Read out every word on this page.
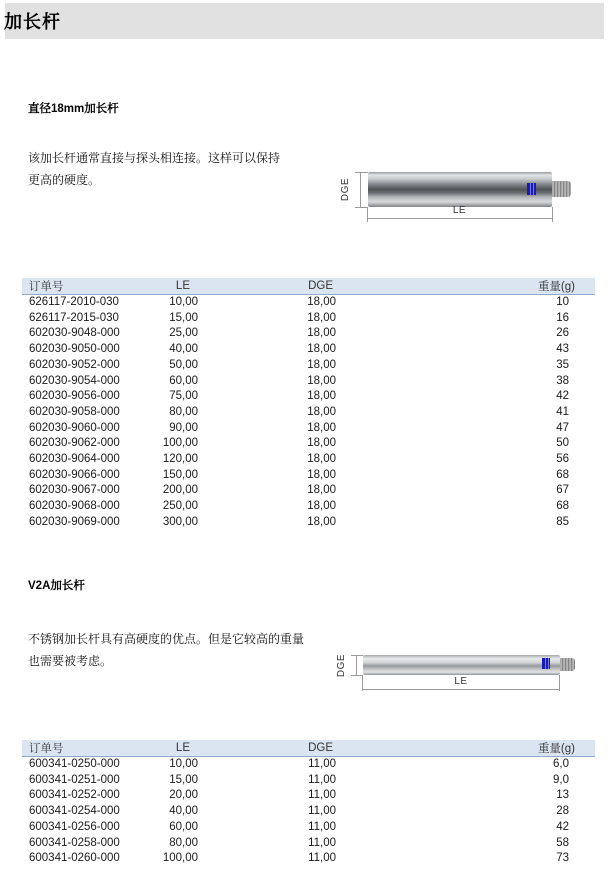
加长杆
直径18mm加长杆
该加长杆通常直接与探头相连接。这样可以保持
更高的硬度。	DGE
LE
订单号	LE	DGE	重量(g)
626117-2010-030	10,00	18,00	10
626117-2015-030	15,00	18,00	16
602030-9048-000	25,00	18,00	26
602030-9050-000	40,00	18,00	43
602030-9052-000	50,00	18,00	35
602030-9054-000	60,00	18,00	38
602030-9056-000	75,00	18,00	42
602030-9058-000	80,00	18,00	41
602030-9060-000	90,00	18,00	47
602030-9062-000	100,00	18,00	50
602030-9064-000	120,00	18,00	56
602030-9066-000	150,00	18,00	68
602030-9067-000	200,00	18,00	67
602030-9068-000	250,00	18,00	68
602030-9069-000	300,00	18,00	85
V2A加长杆
不锈钢加长杆具有高硬度的优点。但是它较高的重量
也需要被考虑。	DGE
LE
订单号	LE	DGE	重量(g)
600341-0250-000	10,00	11,00	6,0
600341-0251-000	15,00	11,00	9,0
600341-0252-000	20,00	11,00	13
600341-0254-000	40,00	11,00	28
600341-0256-000	60,00	11,00	42
600341-0258-000	80,00	11,00	58
600341-0260-000	100,00	11,00	73
